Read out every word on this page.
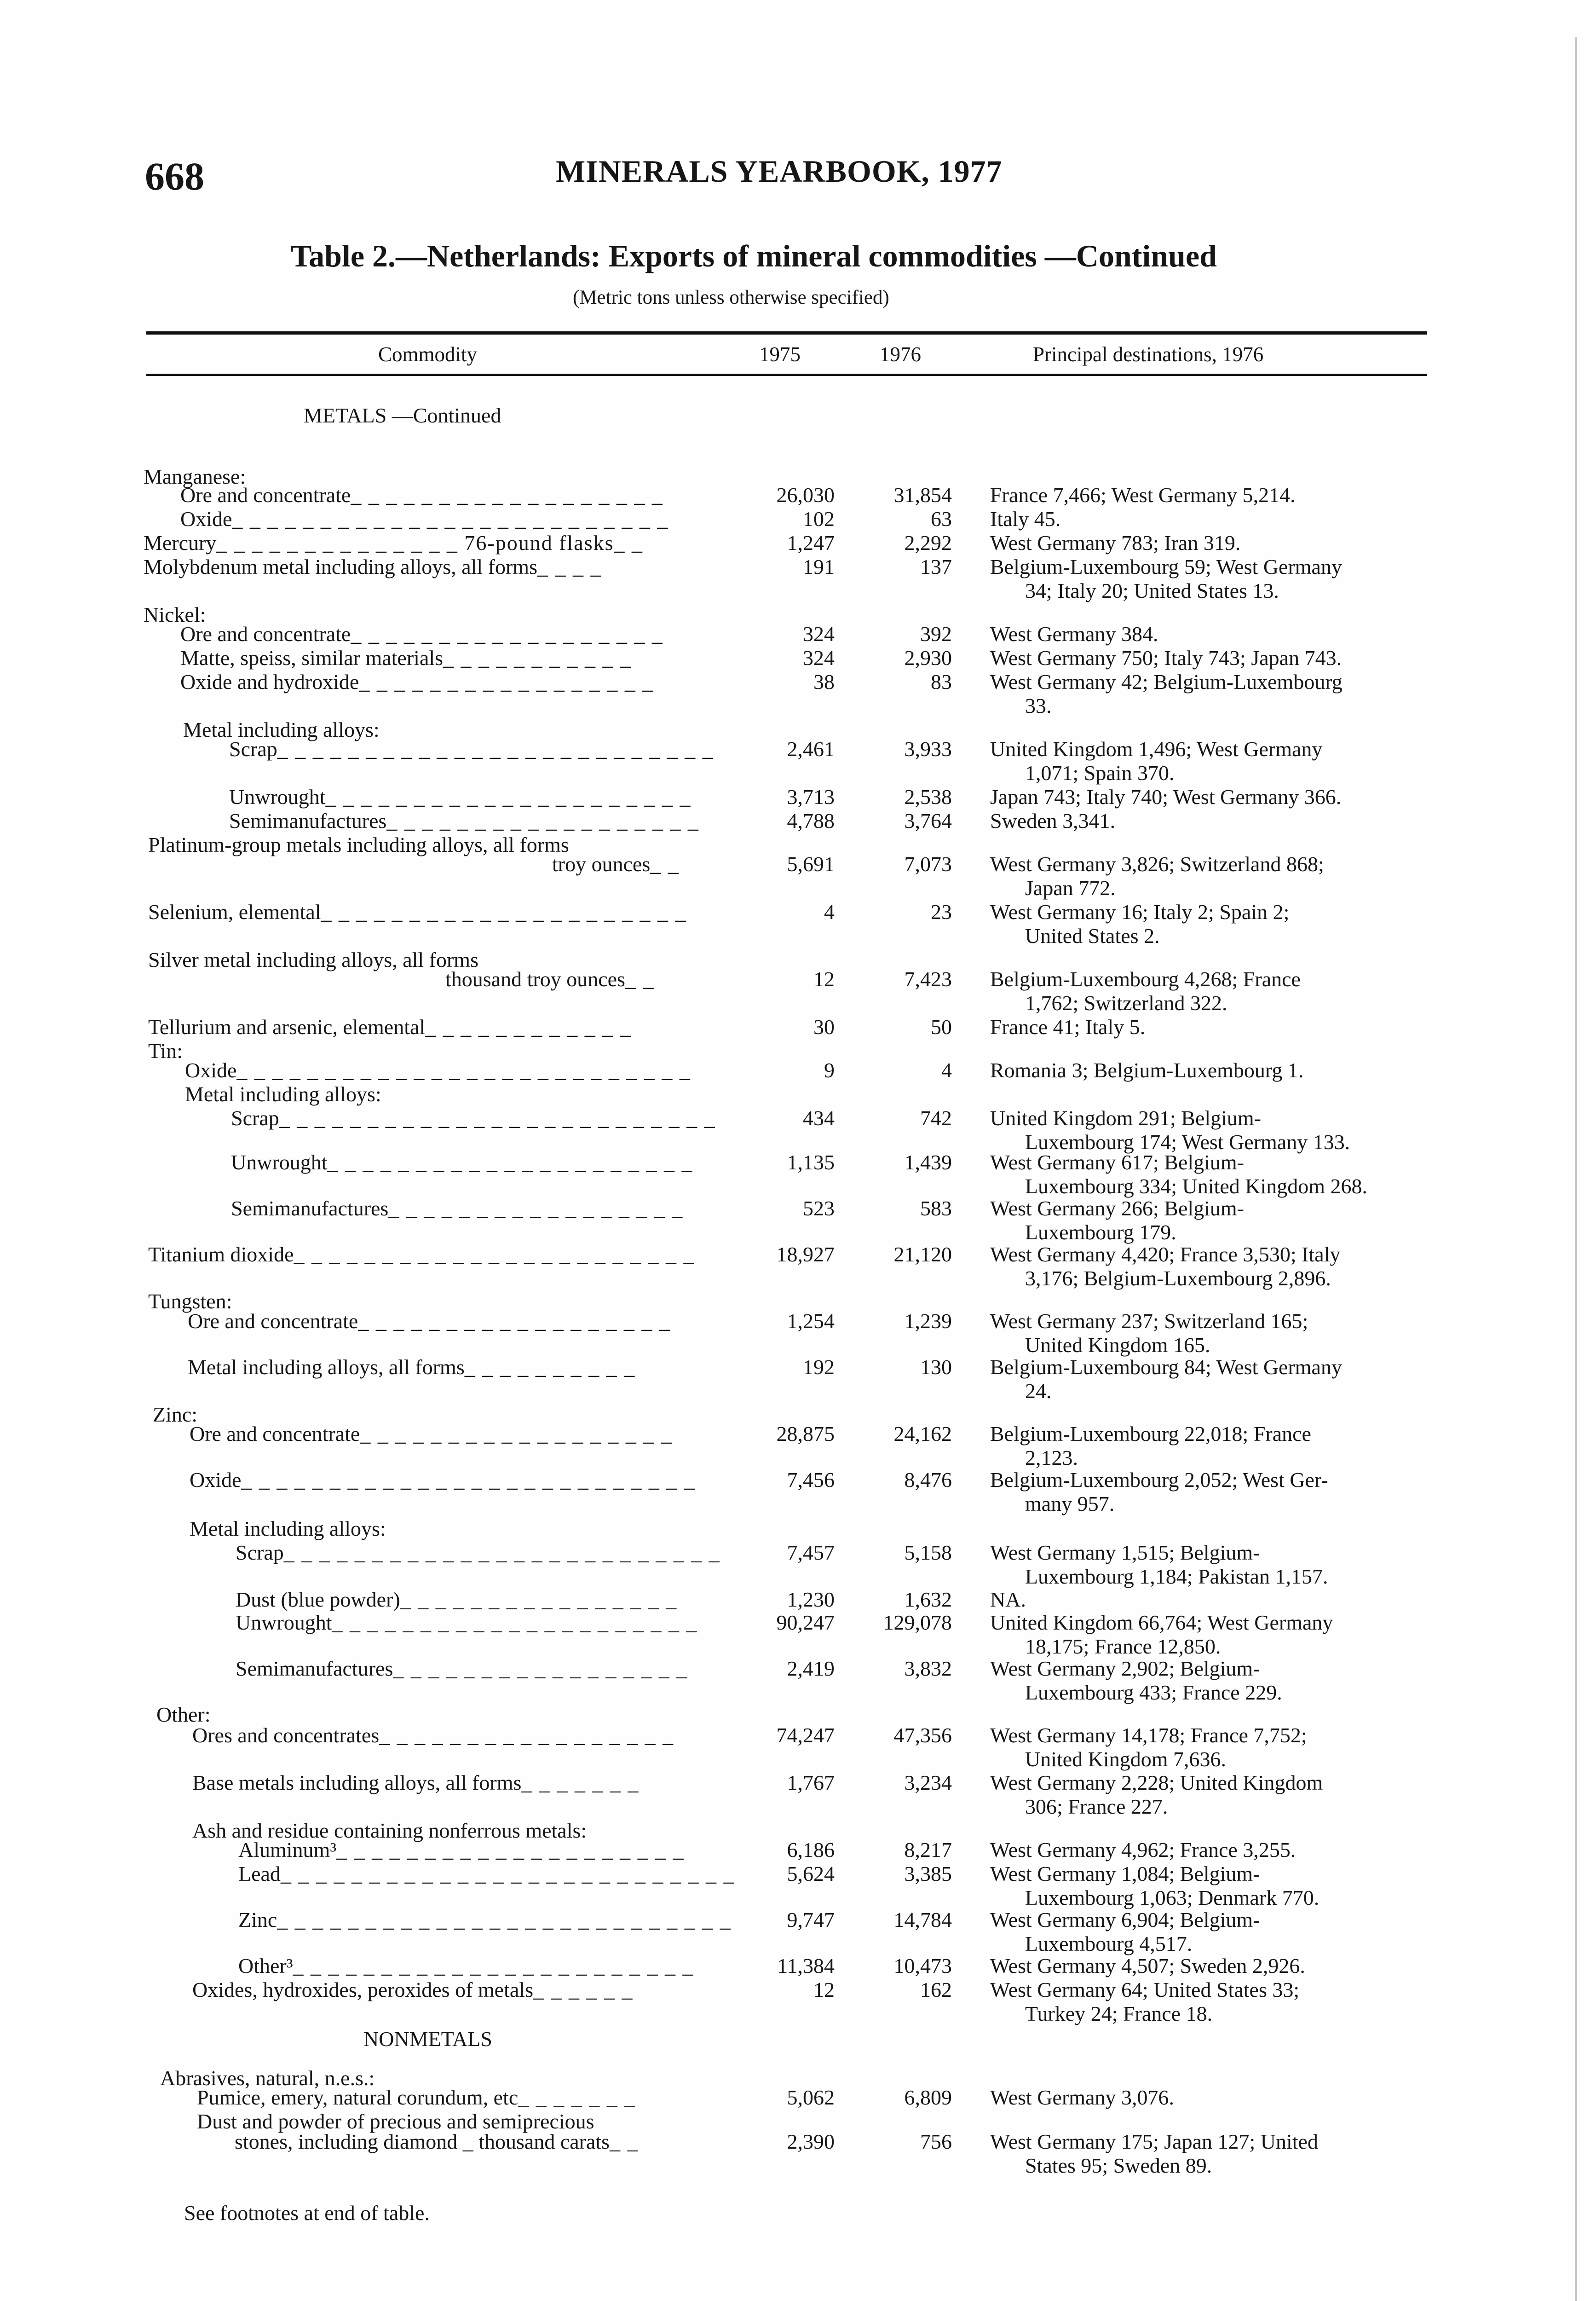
668	MINERALS YEARBOOK, 1977
Table 2.—Netherlands: Exports of mineral commodities —Continued
(Metric tons unless otherwise specified)
Commodity	1975	1976	Principal destinations, 1976
METALS —Continued
NONMETALS
Manganese:
Ore and concentrate_ _ _ _ _ _ _ _ _ _ _ _ _ _ _ _ _ _	26,030	31,854 France 7,466; West Germany 5,214.
Oxide_ _ _ _ _ _ _ _ _ _ _ _ _ _ _ _ _ _ _ _ _ _ _ _ _	102	63 Italy 45.
Mercury_ _ _ _ _ _ _ _ _ _ _ _ _ _ 76-pound flasks_ _	1,247	2,292 West Germany 783; Iran 319.
Molybdenum metal including alloys, all forms_ _ _ _	191	137 Belgium-Luxembourg 59; West Germany
34; Italy 20; United States 13.
Nickel:
Ore and concentrate_ _ _ _ _ _ _ _ _ _ _ _ _ _ _ _ _ _	324	392 West Germany 384.
Matte, speiss, similar materials_ _ _ _ _ _ _ _ _ _ _	324	2,930 West Germany 750; Italy 743; Japan 743.
Oxide and hydroxide_ _ _ _ _ _ _ _ _ _ _ _ _ _ _ _ _	38	83 West Germany 42; Belgium-Luxembourg
33.
Metal including alloys:
Scrap_ _ _ _ _ _ _ _ _ _ _ _ _ _ _ _ _ _ _ _ _ _ _ _ _	2,461	3,933 United Kingdom 1,496; West Germany
1,071; Spain 370.
Unwrought_ _ _ _ _ _ _ _ _ _ _ _ _ _ _ _ _ _ _ _ _	3,713	2,538 Japan 743; Italy 740; West Germany 366.
Semimanufactures_ _ _ _ _ _ _ _ _ _ _ _ _ _ _ _ _ _	4,788	3,764 Sweden 3,341.
Platinum-group metals including alloys, all forms
troy ounces_ _	5,691	7,073 West Germany 3,826; Switzerland 868;
Japan 772.
Selenium, elemental_ _ _ _ _ _ _ _ _ _ _ _ _ _ _ _ _ _ _ _ _	4	23 West Germany 16; Italy 2; Spain 2;
United States 2.
Silver metal including alloys, all forms
thousand troy ounces_ _	12	7,423 Belgium-Luxembourg 4,268; France
1,762; Switzerland 322.
Tellurium and arsenic, elemental_ _ _ _ _ _ _ _ _ _ _ _	30	50 France 41; Italy 5.
Tin:
Oxide_ _ _ _ _ _ _ _ _ _ _ _ _ _ _ _ _ _ _ _ _ _ _ _ _ _	9	4 Romania 3; Belgium-Luxembourg 1.
Metal including alloys:
Scrap_ _ _ _ _ _ _ _ _ _ _ _ _ _ _ _ _ _ _ _ _ _ _ _ _	434	742 United Kingdom 291; Belgium-
Luxembourg 174; West Germany 133.
Unwrought_ _ _ _ _ _ _ _ _ _ _ _ _ _ _ _ _ _ _ _ _	1,135	1,439 West Germany 617; Belgium-
Luxembourg 334; United Kingdom 268.
Semimanufactures_ _ _ _ _ _ _ _ _ _ _ _ _ _ _ _ _	523	583 West Germany 266; Belgium-
Luxembourg 179.
Titanium dioxide_ _ _ _ _ _ _ _ _ _ _ _ _ _ _ _ _ _ _ _ _ _ _	18,927	21,120 West Germany 4,420; France 3,530; Italy
3,176; Belgium-Luxembourg 2,896.
Tungsten:
Ore and concentrate_ _ _ _ _ _ _ _ _ _ _ _ _ _ _ _ _ _	1,254	1,239 West Germany 237; Switzerland 165;
United Kingdom 165.
Metal including alloys, all forms_ _ _ _ _ _ _ _ _ _	192	130 Belgium-Luxembourg 84; West Germany
24.
Zinc:
Ore and concentrate_ _ _ _ _ _ _ _ _ _ _ _ _ _ _ _ _ _	28,875	24,162 Belgium-Luxembourg 22,018; France
2,123.
Oxide_ _ _ _ _ _ _ _ _ _ _ _ _ _ _ _ _ _ _ _ _ _ _ _ _ _	7,456	8,476 Belgium-Luxembourg 2,052; West Ger-
many 957.
Metal including alloys:
Scrap_ _ _ _ _ _ _ _ _ _ _ _ _ _ _ _ _ _ _ _ _ _ _ _ _	7,457	5,158 West Germany 1,515; Belgium-
Luxembourg 1,184; Pakistan 1,157.
Dust (blue powder)_ _ _ _ _ _ _ _ _ _ _ _ _ _ _ _	1,230	1,632 NA.
Unwrought_ _ _ _ _ _ _ _ _ _ _ _ _ _ _ _ _ _ _ _ _	90,247 129,078 United Kingdom 66,764; West Germany
18,175; France 12,850.
Semimanufactures_ _ _ _ _ _ _ _ _ _ _ _ _ _ _ _ _	2,419	3,832 West Germany 2,902; Belgium-
Luxembourg 433; France 229.
Other:
Ores and concentrates_ _ _ _ _ _ _ _ _ _ _ _ _ _ _ _ _	74,247	47,356 West Germany 14,178; France 7,752;
United Kingdom 7,636.
Base metals including alloys, all forms_ _ _ _ _ _ _	1,767	3,234 West Germany 2,228; United Kingdom
306; France 227.
Ash and residue containing nonferrous metals:
Aluminum³_ _ _ _ _ _ _ _ _ _ _ _ _ _ _ _ _ _ _ _	6,186	8,217 West Germany 4,962; France 3,255.
Lead_ _ _ _ _ _ _ _ _ _ _ _ _ _ _ _ _ _ _ _ _ _ _ _ _ _ 5,624	3,385 West Germany 1,084; Belgium-
Luxembourg 1,063; Denmark 770.
Zinc_ _ _ _ _ _ _ _ _ _ _ _ _ _ _ _ _ _ _ _ _ _ _ _ _ _	9,747	14,784 West Germany 6,904; Belgium-
Luxembourg 4,517.
Other³_ _ _ _ _ _ _ _ _ _ _ _ _ _ _ _ _ _ _ _ _ _ _	11,384	10,473 West Germany 4,507; Sweden 2,926.
Oxides, hydroxides, peroxides of metals_ _ _ _ _ _	12	162 West Germany 64; United States 33;
Turkey 24; France 18.
Abrasives, natural, n.e.s.:
Pumice, emery, natural corundum, etc_ _ _ _ _ _ _	5,062	6,809 West Germany 3,076.
Dust and powder of precious and semiprecious
stones, including diamond _ thousand carats_ _	2,390	756 West Germany 175; Japan 127; United
States 95; Sweden 89.
See footnotes at end of table.
